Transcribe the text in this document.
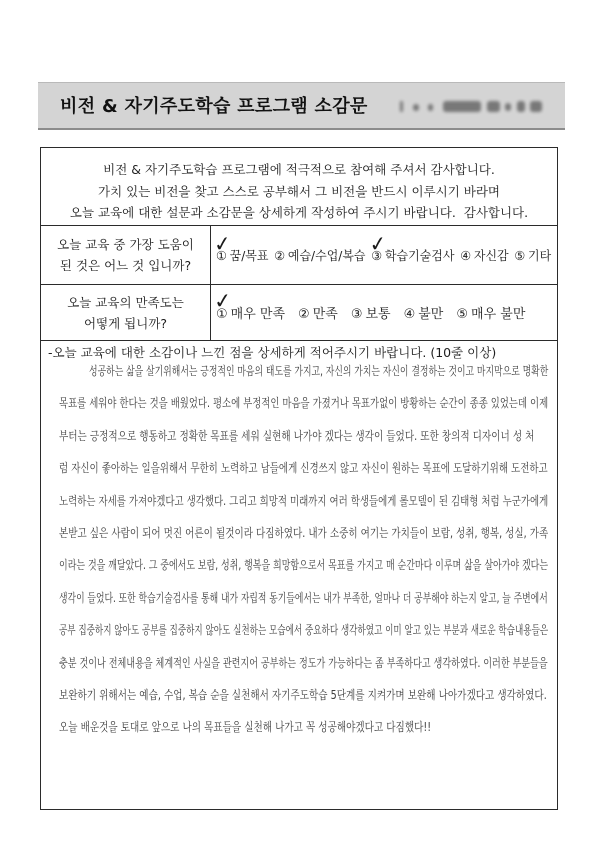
비전 & 자기주도학습 프로그램 소감문
비전 & 자기주도학습 프로그램에 적극적으로 참여해 주셔서 감사합니다.
가치 있는 비전을 찾고 스스로 공부해서 그 비전을 반드시 이루시기 바라며
오늘 교육에 대한 설문과 소감문을 상세하게 작성하여 주시기 바랍니다.  감사합니다.
오늘 교육 중 가장 도움이
된 것은 어느 것 입니까?
✓
① 꿈/목표 ② 예습/수업/복습
✓ ③ 학습기술검사 ④ 자신감 ⑤ 기타
오늘 교육의 만족도는
어떻게 됩니까?
✓
① 매우 만족 ② 만족 ③ 보통 ④ 불만 ⑤ 매우 불만
-오늘 교육에 대한 소감이나 느낀 점을 상세하게 적어주시기 바랍니다. (10줄 이상)
성공하는 삶을 살기위해서는 긍정적인 마음의 태도를 가지고, 자신의 가치는 자신이 결정하는 것이고 마지막으로 명확한
목표를 세워야 한다는 것을 배웠었다. 평소에 부정적인 마음을 가졌거나 목표가없이 방황하는 순간이 종종 있었는데 이제
부터는 긍정적으로 행동하고 정확한 목표를 세워 실현해 나가야 겠다는 생각이 들었다. 또한 창의적 디자이너 성 처
럼 자신이 좋아하는 일을위해서 무한히 노력하고 남들에게 신경쓰지 않고 자신이 원하는 목표에 도달하기위해 도전하고
노력하는 자세를 가져야겠다고 생각했다. 그리고 희망적 미래까지 여러 학생들에게 롤모델이 된 김태형 처럼 누군가에게
본받고 싶은 사람이 되어 멋진 어른이 될것이라 다짐하였다. 내가 소중히 여기는 가치들이 보람, 성취, 행복, 성실, 가족
이라는 것을 깨달았다. 그 중에서도 보람, 성취, 행복을 희망함으로서 목표를 가지고 매 순간마다 이루며 삶을 살아가야 겠다는
생각이 들었다. 또한 학습기술검사를 통해 내가 자립적 동기들에서는 내가 부족한, 얼마나 더 공부해야 하는지 알고, 늘 주변에서
공부 집중하지 않아도 공부를 집중하지 않아도 실천하는 모습에서 중요하다 생각하였고 이미 알고 있는 부분과 새로운 학습내용들은
충분 것이나 전체내용을 체계적인 사실을 관련지어 공부하는 정도가 가능하다는 좀 부족하다고 생각하였다. 이러한 부분들을
보완하기 위해서는 예습, 수업, 복습 순을 실천해서 자기주도학습 5단계를 지켜가며 보완해 나아가겠다고 생각하였다.
오늘 배운것을 토대로 앞으로 나의 목표들을 실천해 나가고 꼭 성공해야겠다고 다짐했다!!
